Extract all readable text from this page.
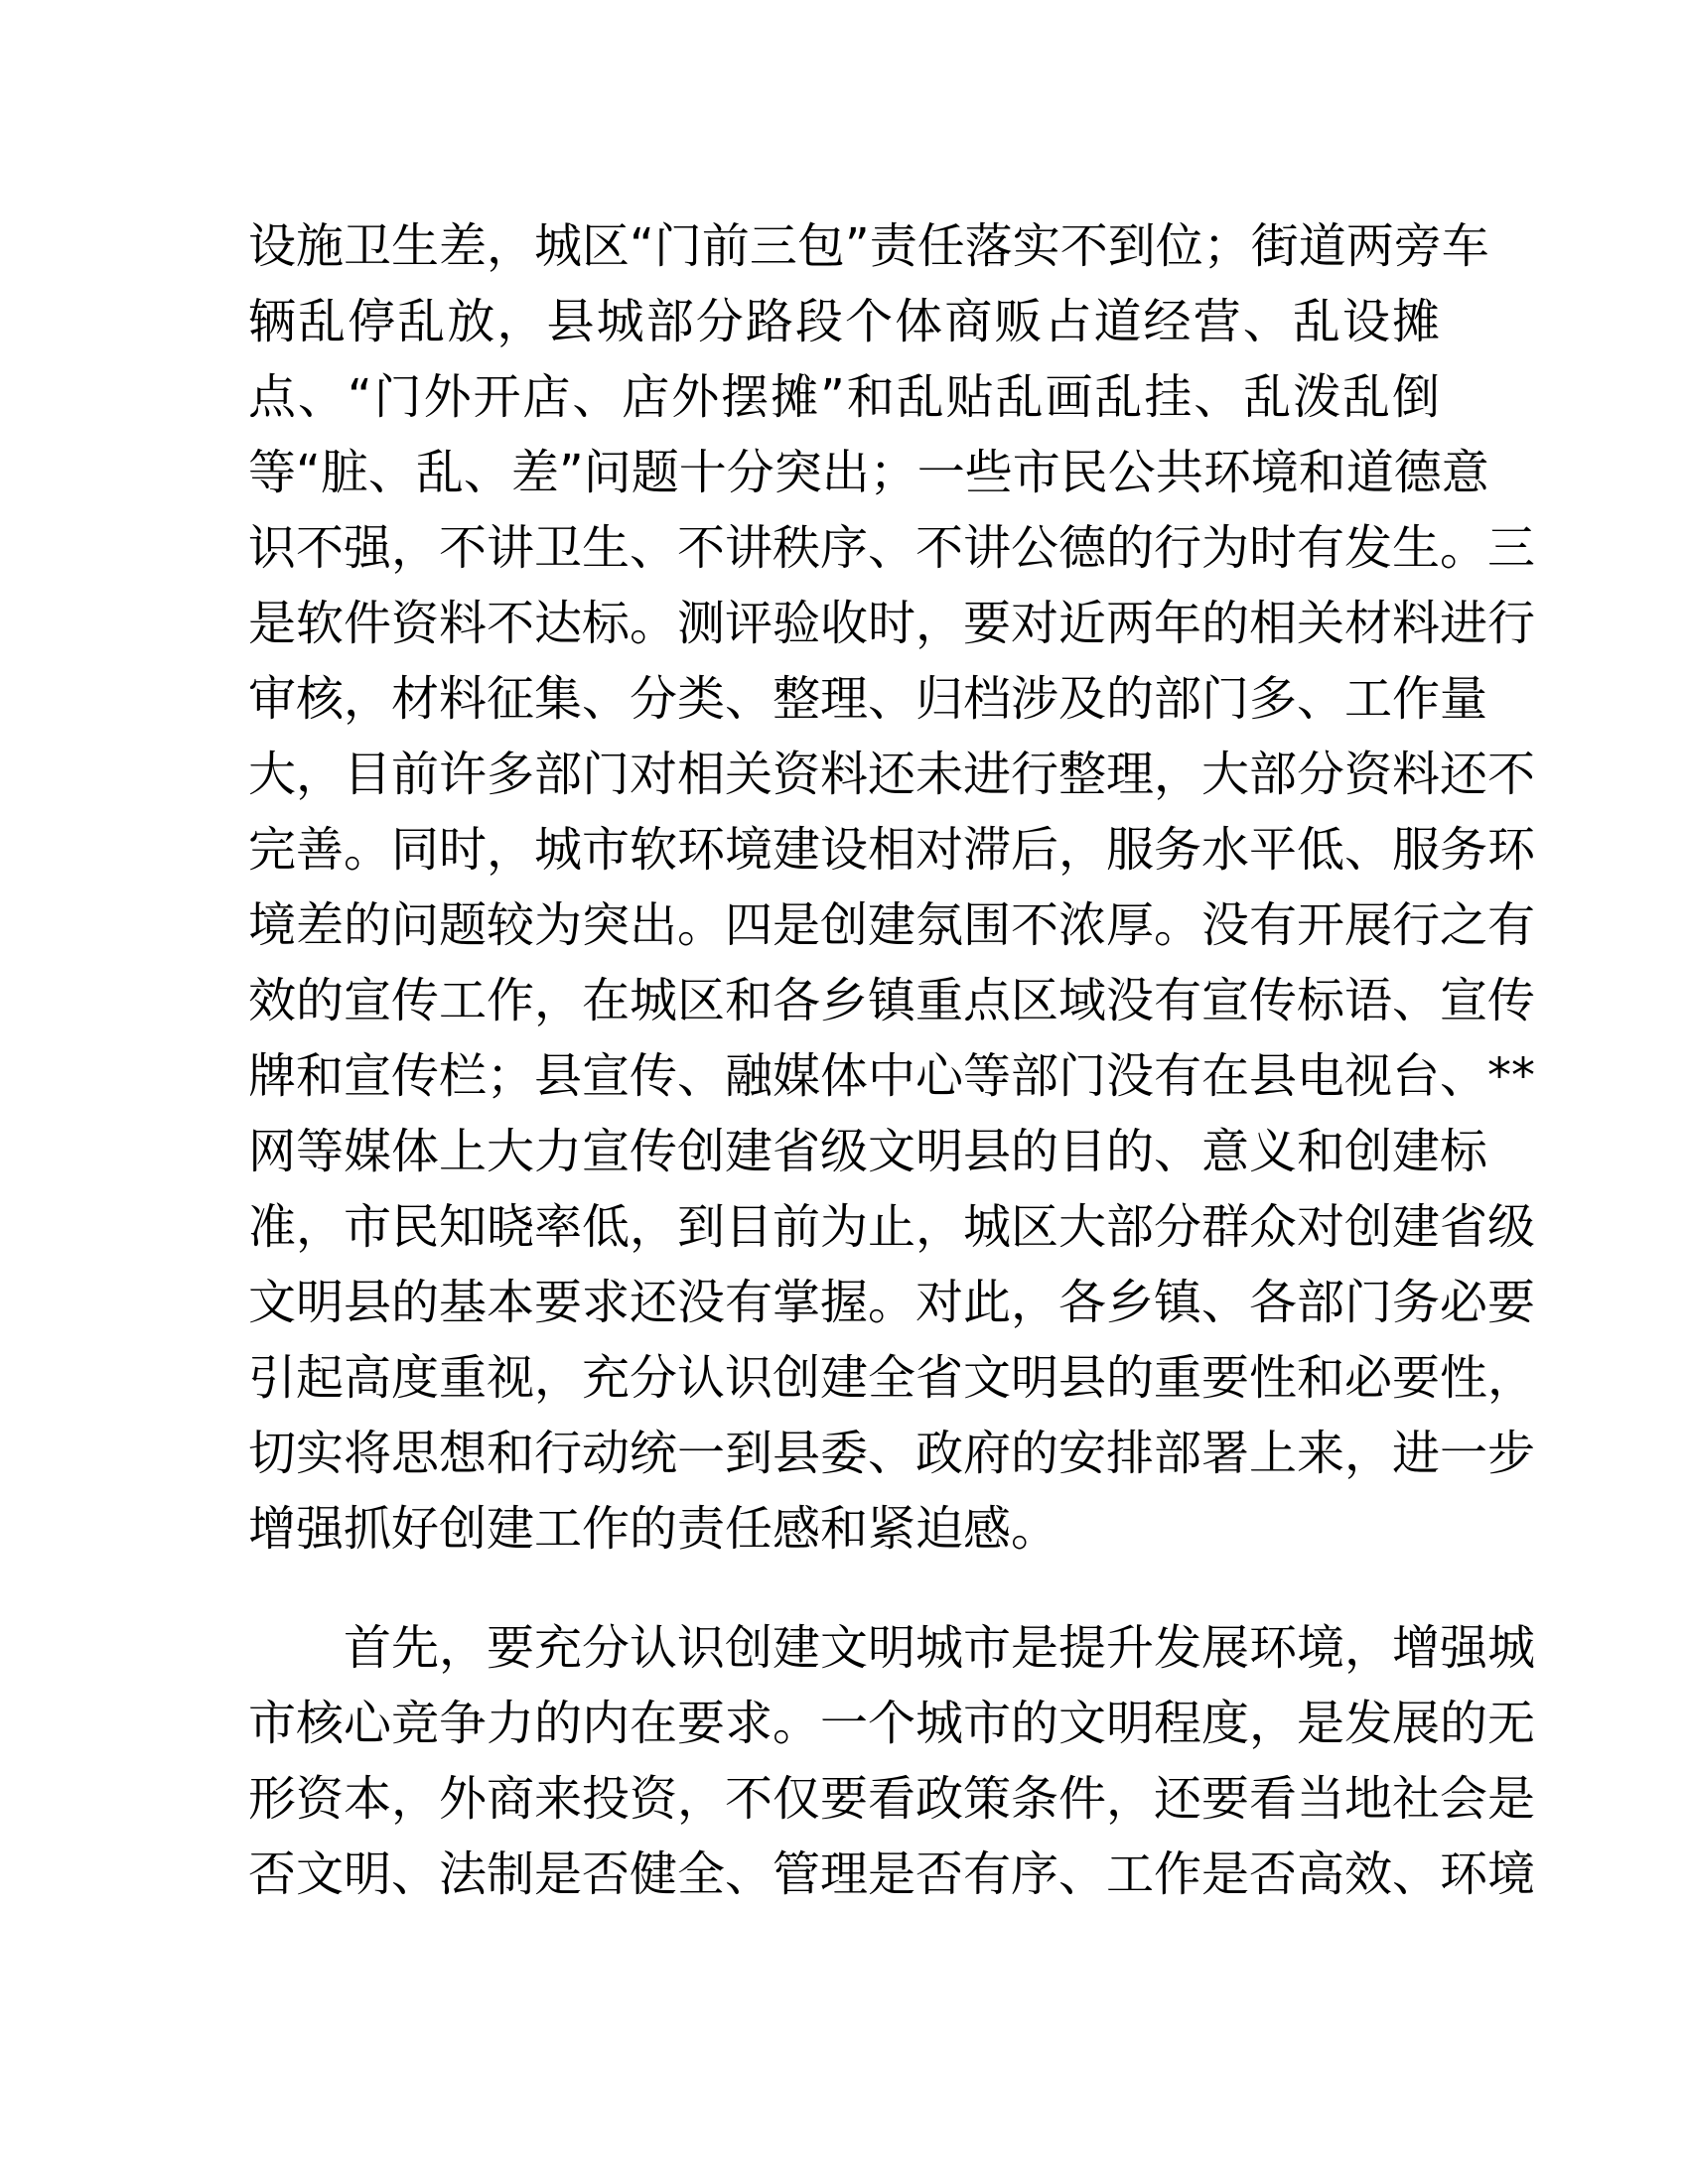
设施卫生差，城区“门前三包”责任落实不到位；街道两旁车
辆乱停乱放，县城部分路段个体商贩占道经营、乱设摊
点、“门外开店、店外摆摊”和乱贴乱画乱挂、乱泼乱倒
等“脏、乱、差”问题十分突出；一些市民公共环境和道德意
识不强，不讲卫生、不讲秩序、不讲公德的行为时有发生。三
是软件资料不达标。测评验收时，要对近两年的相关材料进行
审核，材料征集、分类、整理、归档涉及的部门多、工作量
大，目前许多部门对相关资料还未进行整理，大部分资料还不
完善。同时，城市软环境建设相对滞后，服务水平低、服务环
境差的问题较为突出。四是创建氛围不浓厚。没有开展行之有
效的宣传工作，在城区和各乡镇重点区域没有宣传标语、宣传
牌和宣传栏；县宣传、融媒体中心等部门没有在县电视台、**
网等媒体上大力宣传创建省级文明县的目的、意义和创建标
准，市民知晓率低，到目前为止，城区大部分群众对创建省级
文明县的基本要求还没有掌握。对此，各乡镇、各部门务必要
引起高度重视，充分认识创建全省文明县的重要性和必要性，
切实将思想和行动统一到县委、政府的安排部署上来，进一步
增强抓好创建工作的责任感和紧迫感。
首先，要充分认识创建文明城市是提升发展环境，增强城
市核心竞争力的内在要求。一个城市的文明程度，是发展的无
形资本，外商来投资，不仅要看政策条件，还要看当地社会是
否文明、法制是否健全、管理是否有序、工作是否高效、环境
